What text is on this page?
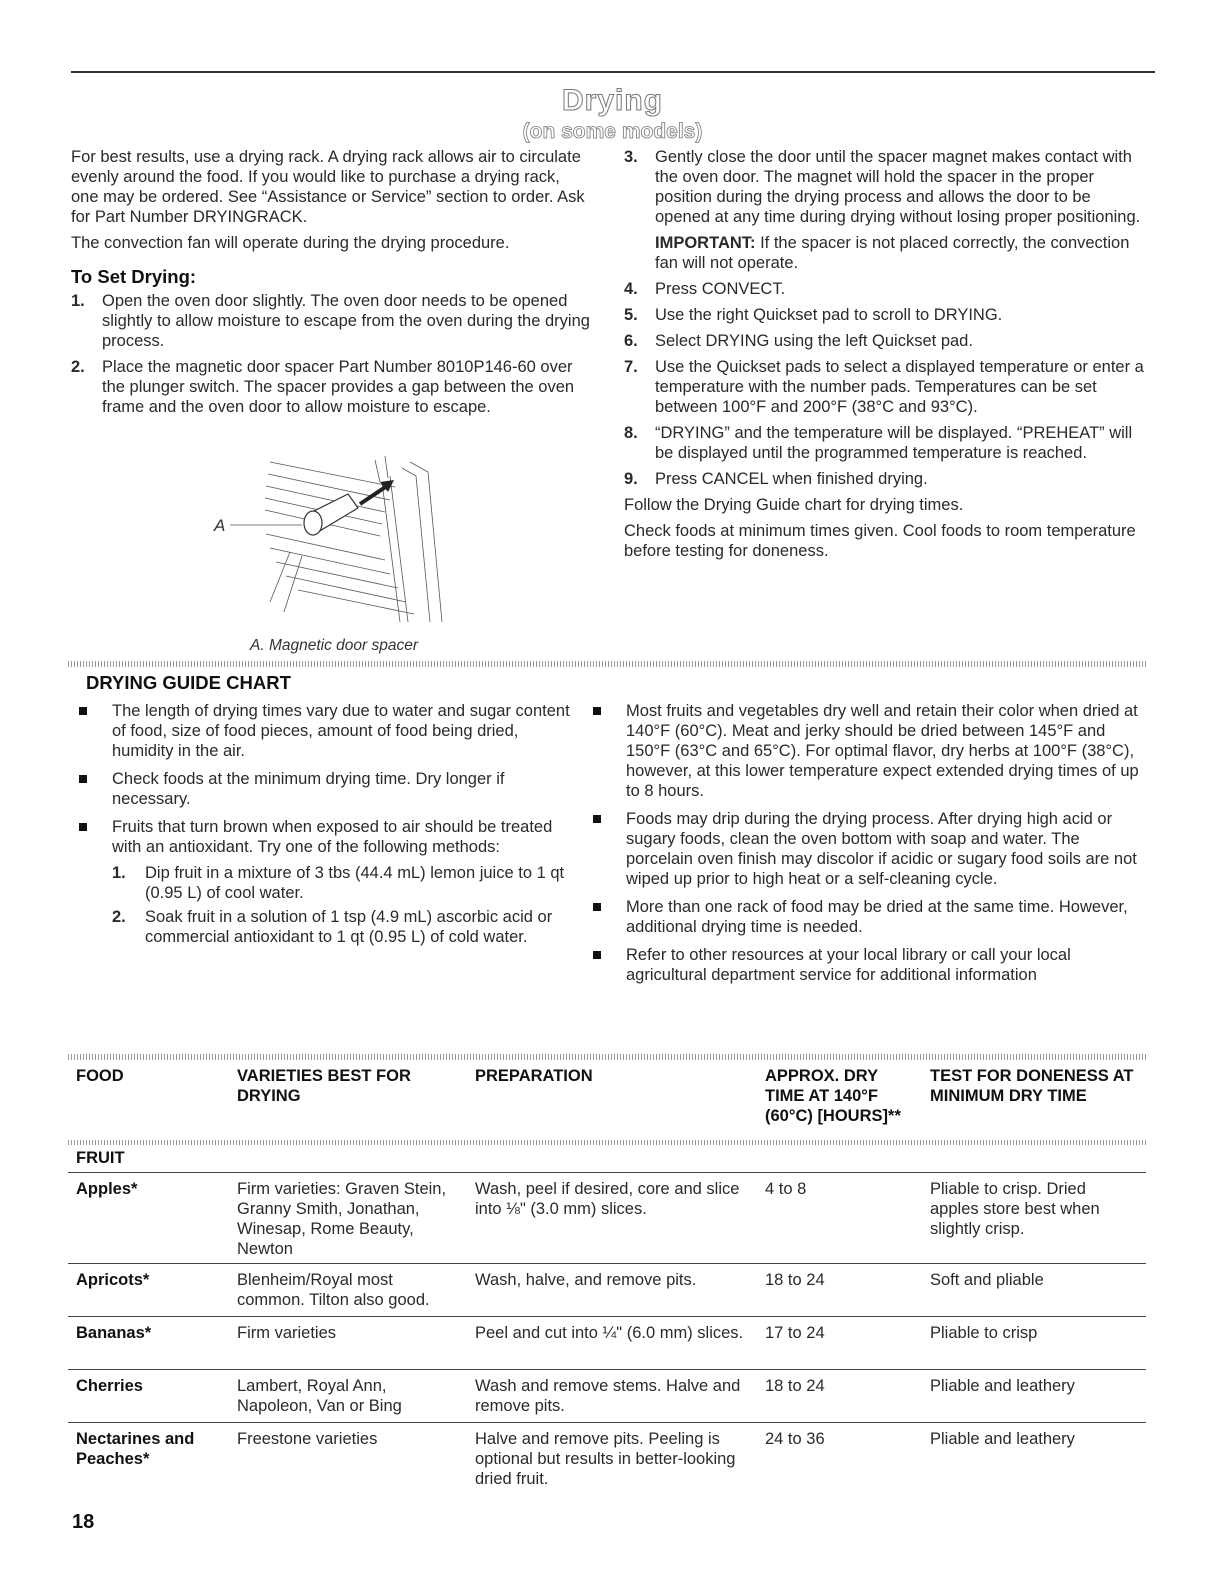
Drying
(on some models)

For best results, use a drying rack. A drying rack allows air to circulate evenly around the food. If you would like to purchase a drying rack, one may be ordered. See “Assistance or Service” section to order. Ask for Part Number DRYINGRACK.

The convection fan will operate during the drying procedure.

To Set Drying:
1. Open the oven door slightly. The oven door needs to be opened slightly to allow moisture to escape from the oven during the drying process.
2. Place the magnetic door spacer Part Number 8010P146-60 over the plunger switch. The spacer provides a gap between the oven frame and the oven door to allow moisture to escape.
A
A. Magnetic door spacer
3. Gently close the door until the spacer magnet makes contact with the oven door. The magnet will hold the spacer in the proper position during the drying process and allows the door to be opened at any time during drying without losing proper positioning.
IMPORTANT: If the spacer is not placed correctly, the convection fan will not operate.
4. Press CONVECT.
5. Use the right Quickset pad to scroll to DRYING.
6. Select DRYING using the left Quickset pad.
7. Use the Quickset pads to select a displayed temperature or enter a temperature with the number pads. Temperatures can be set between 100°F and 200°F (38°C and 93°C).
8. “DRYING” and the temperature will be displayed. “PREHEAT” will be displayed until the programmed temperature is reached.
9. Press CANCEL when finished drying.

Follow the Drying Guide chart for drying times.

Check foods at minimum times given. Cool foods to room temperature before testing for doneness.

DRYING GUIDE CHART
The length of drying times vary due to water and sugar content of food, size of food pieces, amount of food being dried, humidity in the air.
Check foods at the minimum drying time. Dry longer if necessary.
Fruits that turn brown when exposed to air should be treated with an antioxidant. Try one of the following methods:
1. Dip fruit in a mixture of 3 tbs (44.4 mL) lemon juice to 1 qt (0.95 L) of cool water.
2. Soak fruit in a solution of 1 tsp (4.9 mL) ascorbic acid or commercial antioxidant to 1 qt (0.95 L) of cold water.
Most fruits and vegetables dry well and retain their color when dried at 140°F (60°C). Meat and jerky should be dried between 145°F and 150°F (63°C and 65°C). For optimal flavor, dry herbs at 100°F (38°C), however, at this lower temperature expect extended drying times of up to 8 hours.
Foods may drip during the drying process. After drying high acid or sugary foods, clean the oven bottom with soap and water. The porcelain oven finish may discolor if acidic or sugary food soils are not wiped up prior to high heat or a self-cleaning cycle.
More than one rack of food may be dried at the same time. However, additional drying time is needed.
Refer to other resources at your local library or call your local agricultural department service for additional information
FOOD	VARIETIES BEST FOR DRYING	PREPARATION	APPROX. DRY TIME AT 140°F (60°C) [HOURS]**	TEST FOR DONENESS AT MINIMUM DRY TIME
FRUIT				
Apples*	Firm varieties: Graven Stein, Granny Smith, Jonathan, Winesap, Rome Beauty, Newton	Wash, peel if desired, core and slice into ⅛" (3.0 mm) slices.	4 to 8	Pliable to crisp. Dried apples store best when slightly crisp.
Apricots*	Blenheim/Royal most common. Tilton also good.	Wash, halve, and remove pits.	18 to 24	Soft and pliable
Bananas*	Firm varieties	Peel and cut into ¼" (6.0 mm) slices.	17 to 24	Pliable to crisp
Cherries	Lambert, Royal Ann, Napoleon, Van or Bing	Wash and remove stems. Halve and remove pits.	18 to 24	Pliable and leathery
Nectarines and Peaches*	Freestone varieties	Halve and remove pits. Peeling is optional but results in better-looking dried fruit.	24 to 36	Pliable and leathery
18
